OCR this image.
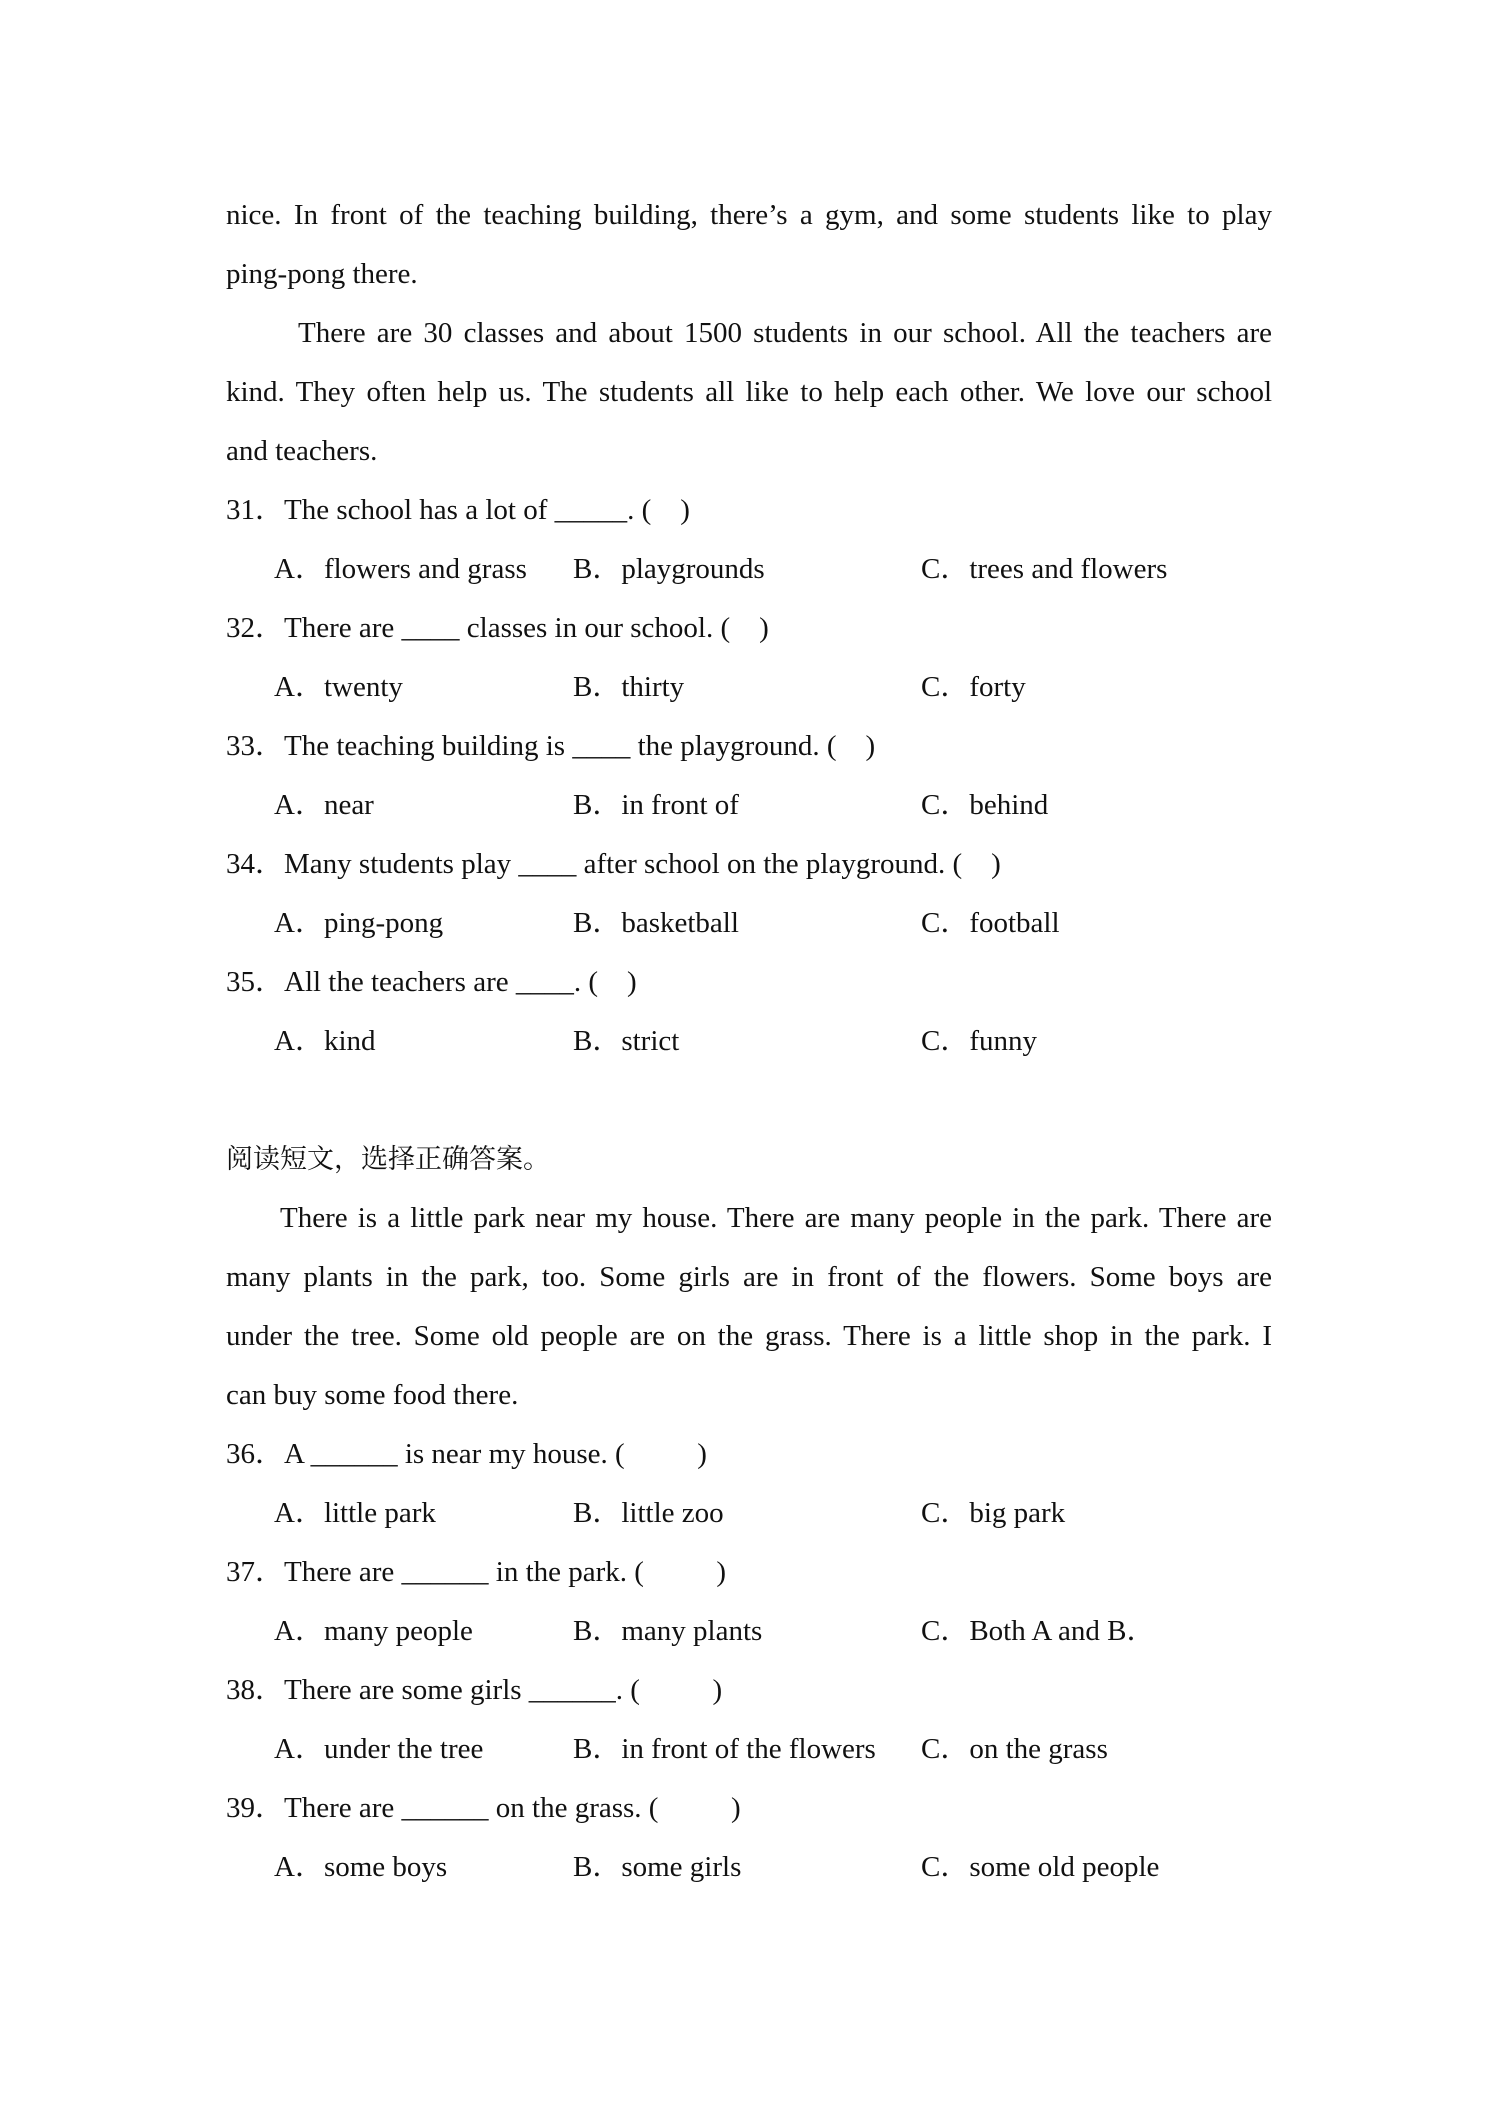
nice. In front of the teaching building, there’s a gym, and some students like to play
ping-pong there.
There are 30 classes and about 1500 students in our school. All the teachers are
kind. They often help us. The students all like to help each other. We love our school
and teachers.
31．The school has a lot of _____. (    )
A．flowers and grass B．playgrounds	C．trees and flowers
32．There are ____ classes in our school. (    )
A．twenty	B．thirty	C．forty
33．The teaching building is ____ the playground. (    )
A．near	B．in front of	C．behind
34．Many students play ____ after school on the playground. (    )
A．ping-pong	B．basketball	C．football
35．All the teachers are ____. (    )
A．kind	B．strict	C．funny
阅读短文，选择正确答案。
There is a little park near my house. There are many people in the park. There are
many plants in the park, too. Some girls are in front of the flowers. Some boys are
under the tree. Some old people are on the grass. There is a little shop in the park. I
can buy some food there.
36．A ______ is near my house. (          )
A．little park	B．little zoo	C．big park
37．There are ______ in the park. (          )
A．many people	B．many plants	C．Both A and B．
38．There are some girls ______. (          )
A．under the tree	B．in front of the flowers C．on the grass
39．There are ______ on the grass. (          )
A．some boys	B．some girls	C．some old people
